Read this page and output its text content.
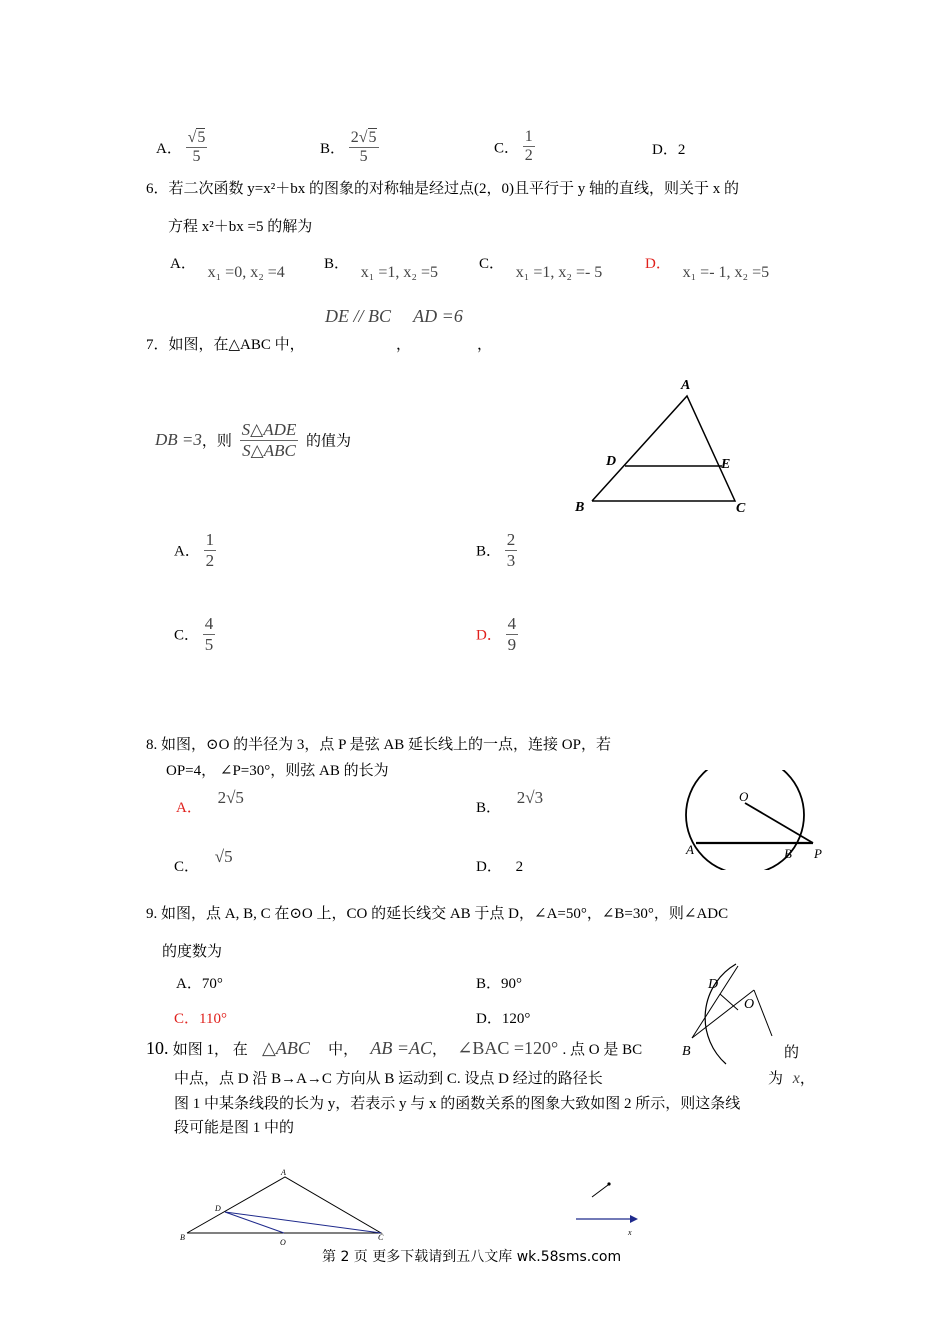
A． $\frac{√5}{5}$	B． $\frac{2√5}{5}$	C． $\frac{1}{2}$	D．2
6．若二次函数 y=x²＋bx 的图象的对称轴是经过点(2，0)且平行于 y 轴的直线，则关于 x 的
方程 x²＋bx =5 的解为
A． x₁ =0, x₂ =4	B． x₁ =1, x₂ =5	C． x₁ =1, x₂ =- 5	D． x₁ =- 1, x₂ =5
DE // BC     AD =6
7．如图，在△ABC 中，	，	，
DB =3，则 $\frac{\text{S△ADE}}{\text{S△ABC}}$ 的值为
A
D	E
B	C
A． $\frac{1}{2}$	B． $\frac{2}{3}$
C． $\frac{4}{5}$	D． $\frac{4}{9}$
8. 如图，⊙O 的半径为 3，点 P 是弦 AB 延长线上的一点，连接 OP，若
OP=4， ∠P=30°，则弦 AB 的长为
A． 2√5
B． 2√3
C． √5
D． 2
O
A	B P
9. 如图，点 A, B, C 在⊙O 上，CO 的延长线交 AB 于点 D，∠A=50°，∠B=30°，则∠ADC
的度数为
A．70°	B．90°
C．110°	D．120°
D
O
B
10. 如图 1， 在 △ABC 中， AB =AC， ∠BAC =120° . 点 O 是 BC	的
中点，点 D 沿 B→A→C 方向从 B 运动到 C. 设点 D 经过的路径长	为 x，
图 1 中某条线段的长为 y，若表示 y 与 x 的函数关系的图象大致如图 2 所示，则这条线
段可能是图 1 中的
A
D
B
O
C
x
第 2 页 更多下载请到五八文库 wk.58sms.com
